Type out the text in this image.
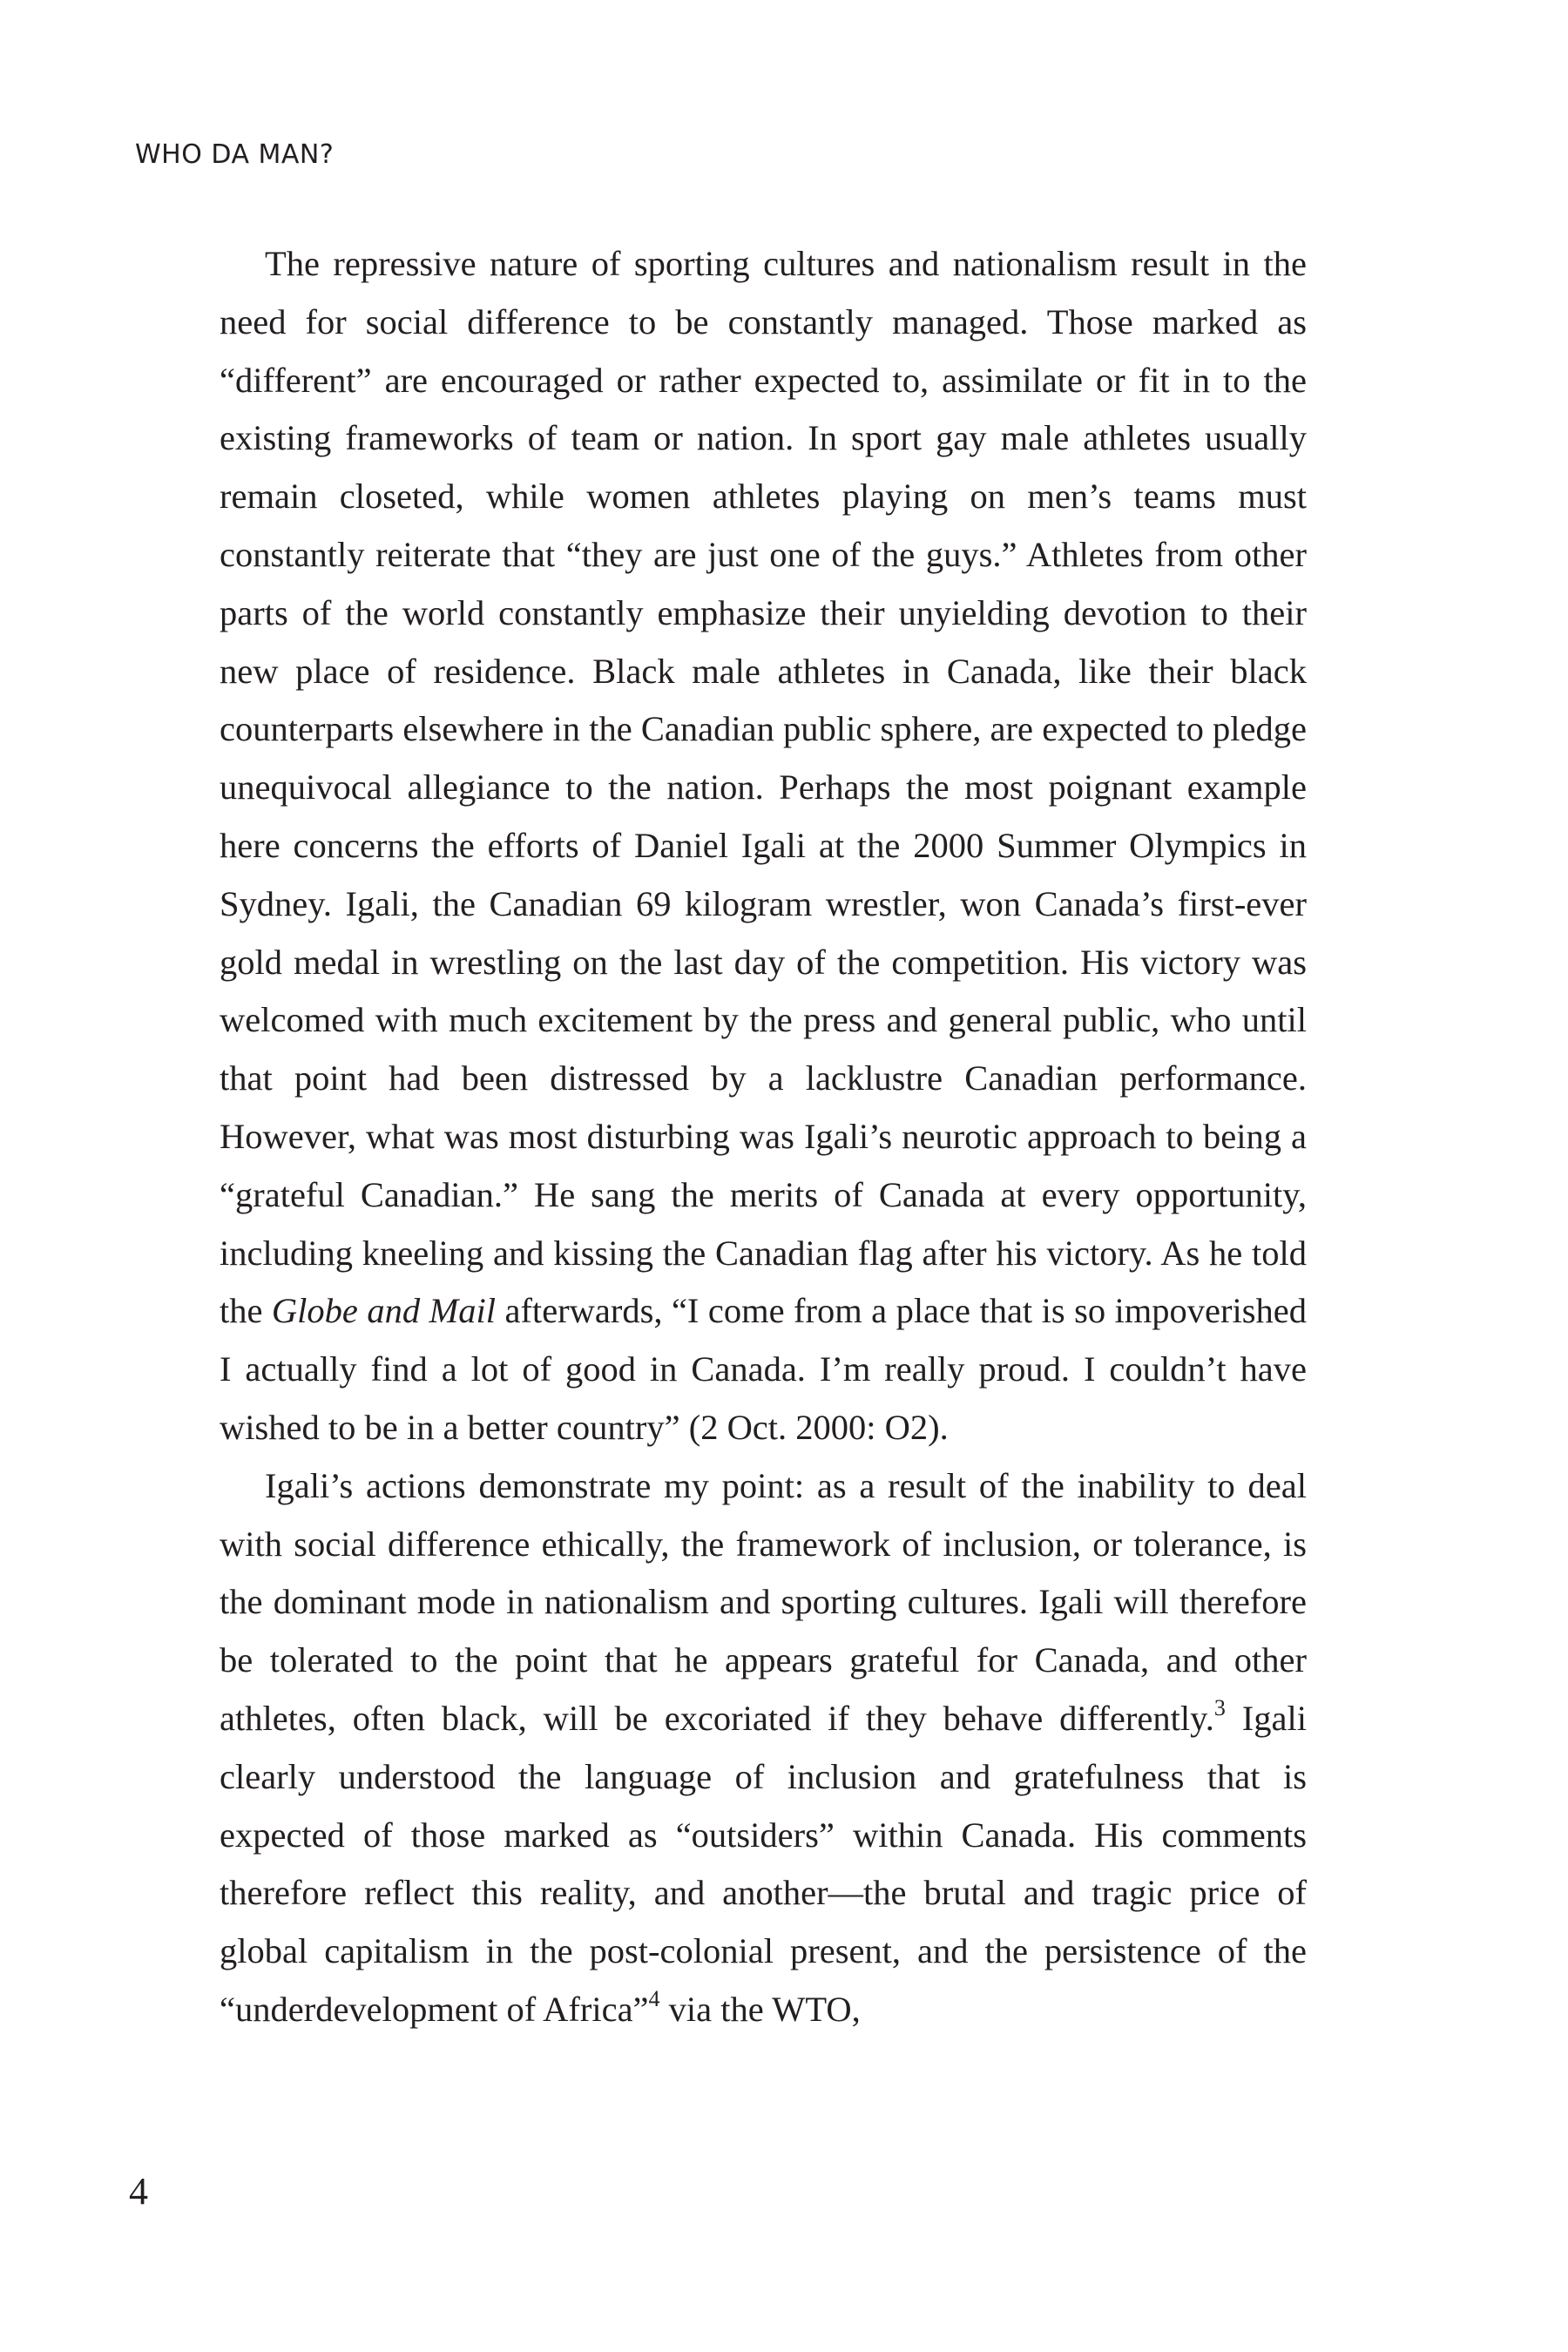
WHO DA MAN?

The repressive nature of sporting cultures and nationalism result in the need for social difference to be constantly managed. Those marked as “different” are encouraged or rather expected to, assimilate or fit in to the existing frameworks of team or nation. In sport gay male athletes usually remain closeted, while women athletes playing on men’s teams must constantly reiterate that “they are just one of the guys.” Athletes from other parts of the world constantly emphasize their unyielding devotion to their new place of residence. Black male athletes in Canada, like their black counterparts elsewhere in the Canadian public sphere, are expected to pledge unequivocal allegiance to the nation. Perhaps the most poignant example here concerns the efforts of Daniel Igali at the 2000 Summer Olympics in Sydney. Igali, the Canadian 69 kilogram wrestler, won Canada’s first-ever gold medal in wrestling on the last day of the competition. His victory was welcomed with much excitement by the press and general public, who until that point had been distressed by a lacklustre Canadian performance. However, what was most disturbing was Igali’s neurotic approach to being a “grateful Canadian.” He sang the merits of Canada at every opportunity, including kneeling and kissing the Canadian flag after his victory. As he told the Globe and Mail afterwards, “I come from a place that is so impoverished I actually find a lot of good in Canada. I’m really proud. I couldn’t have wished to be in a better country” (2 Oct. 2000: O2).

Igali’s actions demonstrate my point: as a result of the inability to deal with social difference ethically, the framework of inclusion, or tolerance, is the dominant mode in nationalism and sporting cultures. Igali will therefore be tolerated to the point that he appears grateful for Canada, and other athletes, often black, will be excoriated if they behave differently.$^3$ Igali clearly understood the language of inclusion and gratefulness that is expected of those marked as “outsiders” within Canada. His comments therefore reflect this reality, and another—the brutal and tragic price of global capitalism in the post-colonial present, and the persistence of the “underdevelopment of Africa”$^4$ via the WTO,

4
